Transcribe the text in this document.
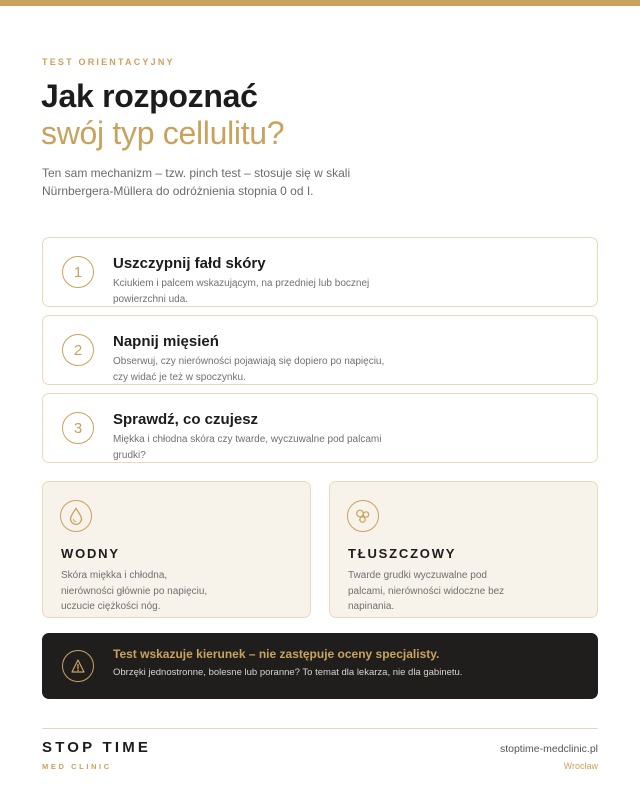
TEST ORIENTACYJNY
Jak rozpoznać
swój typ cellulitu?
Ten sam mechanizm – tzw. pinch test – stosuje się w skali Nürnbergera-Müllera do odróżnienia stopnia 0 od I.
1	Uszczypnij fałd skóry
Kciukiem i palcem wskazującym, na przedniej lub bocznej powierzchni uda.
2	Napnij mięsień
Obserwuj, czy nierówności pojawiają się dopiero po napięciu, czy widać je też w spoczynku.
3	Sprawdź, co czujesz
Miękka i chłodna skóra czy twarde, wyczuwalne pod palcami grudki?
WODNY
Skóra miękka i chłodna, nierówności głównie po napięciu, uczucie ciężkości nóg.
TŁUSZCZOWY
Twarde grudki wyczuwalne pod palcami, nierówności widoczne bez napinania.
Test wskazuje kierunek – nie zastępuje oceny specjalisty.
Obrzęki jednostronne, bolesne lub poranne? To temat dla lekarza, nie dla gabinetu.
STOP TIME
MED CLINIC
stoptime-medclinic.pl
Wrocław
